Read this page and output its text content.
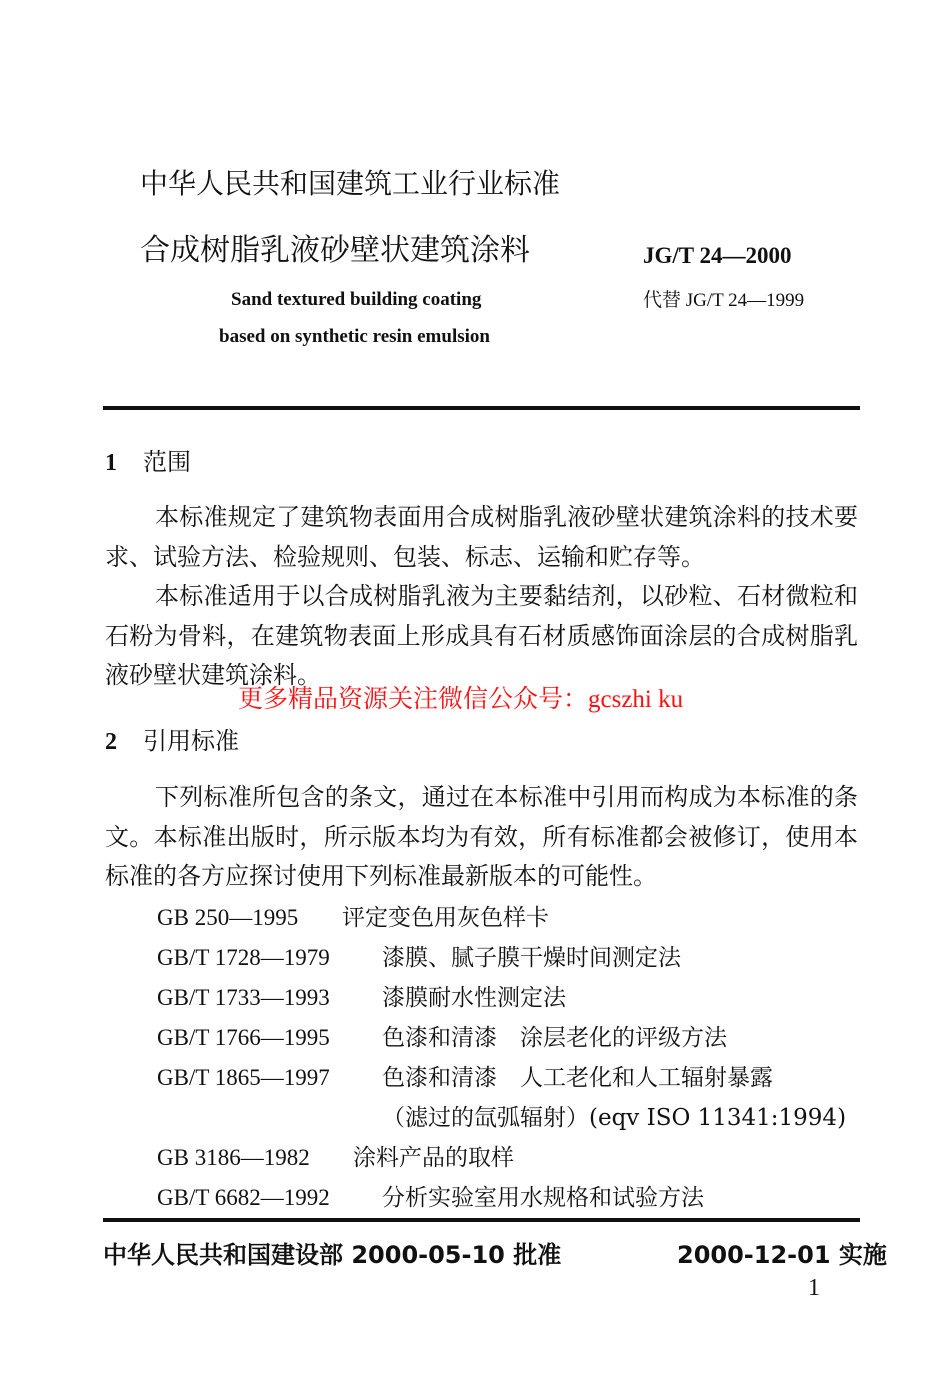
中华人民共和国建筑工业行业标准
合成树脂乳液砂壁状建筑涂料	JG/T 24—2000
代替 JG/T 24—1999
Sand textured building coating
based on synthetic resin emulsion
1 范围
本标准规定了建筑物表面用合成树脂乳液砂壁状建筑涂料的技术要求、试验方法、检验规则、包装、标志、运输和贮存等。
本标准适用于以合成树脂乳液为主要黏结剂，以砂粒、石材微粒和石粉为骨料，在建筑物表面上形成具有石材质感饰面涂层的合成树脂乳液砂壁状建筑涂料。
更多精品资源关注微信公众号：gcszhi ku
2 引用标准
下列标准所包含的条文，通过在本标准中引用而构成为本标准的条文。本标准出版时，所示版本均为有效，所有标准都会被修订，使用本标准的各方应探讨使用下列标准最新版本的可能性。
GB 250—1995 评定变色用灰色样卡
GB/T 1728—1979 漆膜、腻子膜干燥时间测定法
GB/T 1733—1993 漆膜耐水性测定法
GB/T 1766—1995 色漆和清漆　涂层老化的评级方法
GB/T 1865—1997 色漆和清漆　人工老化和人工辐射暴露
（滤过的氙弧辐射）(eqv ISO 11341:1994)
GB 3186—1982 涂料产品的取样
GB/T 6682—1992 分析实验室用水规格和试验方法
中华人民共和国建设部 2000-05-10 批准	2000-12-01 实施
1
